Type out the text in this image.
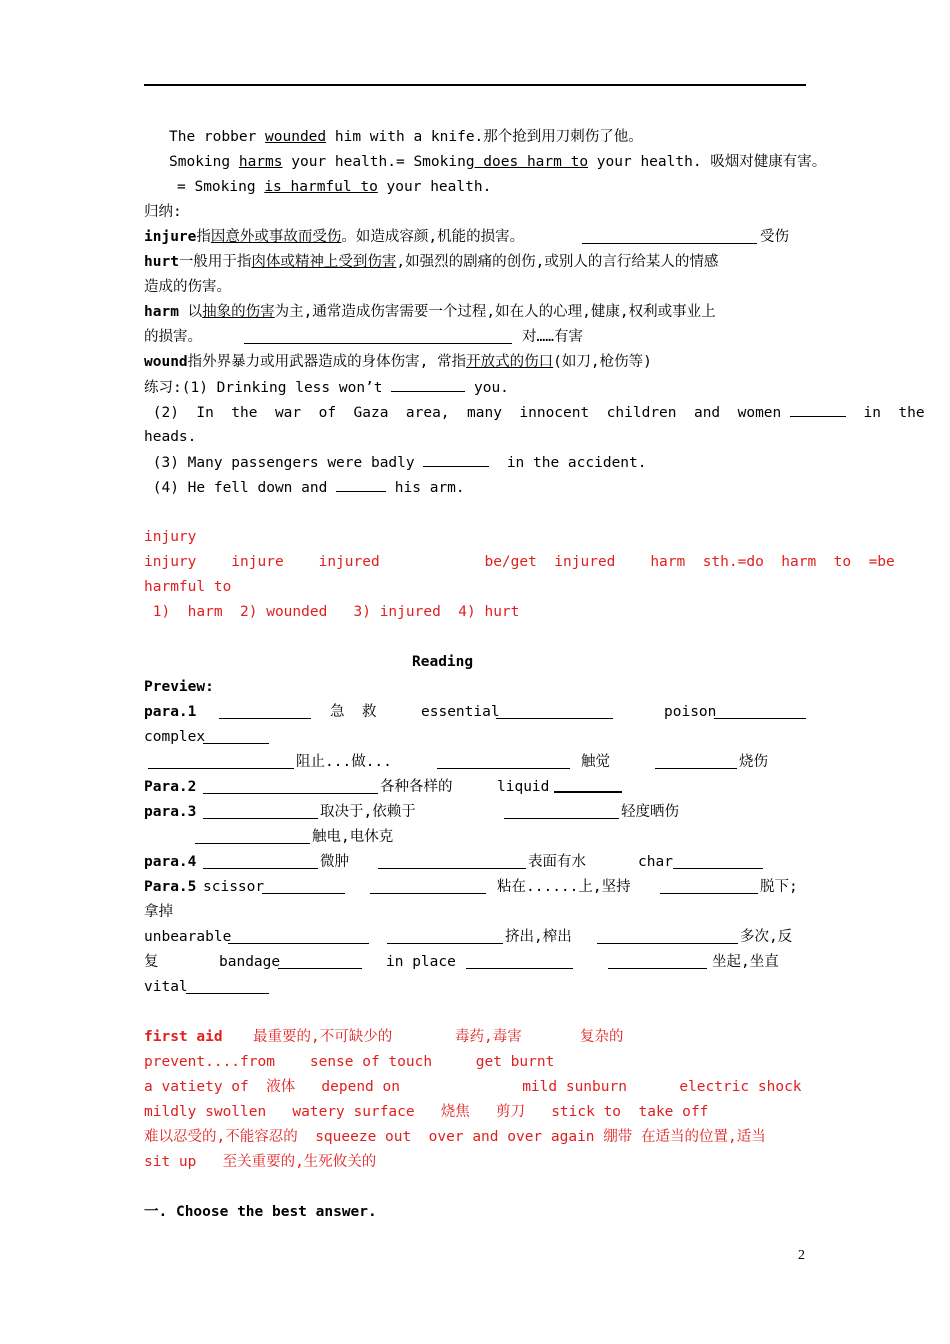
The robber wounded him with a knife.那个抢到用刀刺伤了他。
Smoking harms your health.= Smoking does harm to your health. 吸烟对健康有害。
= Smoking is harmful to your health.
归纳:
injure指因意外或事故而受伤。如造成容颜,机能的损害。	受伤
hurt一般用于指肉体或精神上受到伤害,如强烈的剧痛的创伤,或别人的言行给某人的情感
造成的伤害。
harm 以抽象的伤害为主,通常造成伤害需要一个过程,如在人的心理,健康,权利或事业上
的损害。	对……有害
wound指外界暴力或用武器造成的身体伤害, 常指开放式的伤口(如刀,枪伤等)
练习:(1) Drinking less won’t	you.
(2)  In  the  war  of  Gaza  area,  many  innocent  children  and  women	in  the
heads.
(3) Many passengers were badly	in the accident.
(4) He fell down and	his arm.
injury
injury    injure    injured            be/get  injured    harm  sth.=do  harm  to  =be
harmful to
1)  harm  2) wounded   3) injured  4) hurt
Reading
Preview:
para.1	急  救	essential	poison
complex
阻止...做...	触觉	烧伤
Para.2	各种各样的	liquid
para.3	取决于,依赖于	轻度晒伤
触电,电休克
para.4	微肿	表面有水	char
Para.5 scissor	粘在......上,坚持	脱下;
拿掉
unbearable	挤出,榨出	多次,反
复	bandage	in place	坐起,坐直
vital
first aid 最重要的,不可缺少的	毒药,毒害	复杂的
prevent....from    sense of touch     get burnt
a vatiety of  液体   depend on              mild sunburn      electric shock
mildly swollen   watery surface   烧焦   剪刀   stick to  take off
难以忍受的,不能容忍的  squeeze out  over and over again 绷带 在适当的位置,适当
sit up   至关重要的,生死攸关的
一. Choose the best answer.
2
